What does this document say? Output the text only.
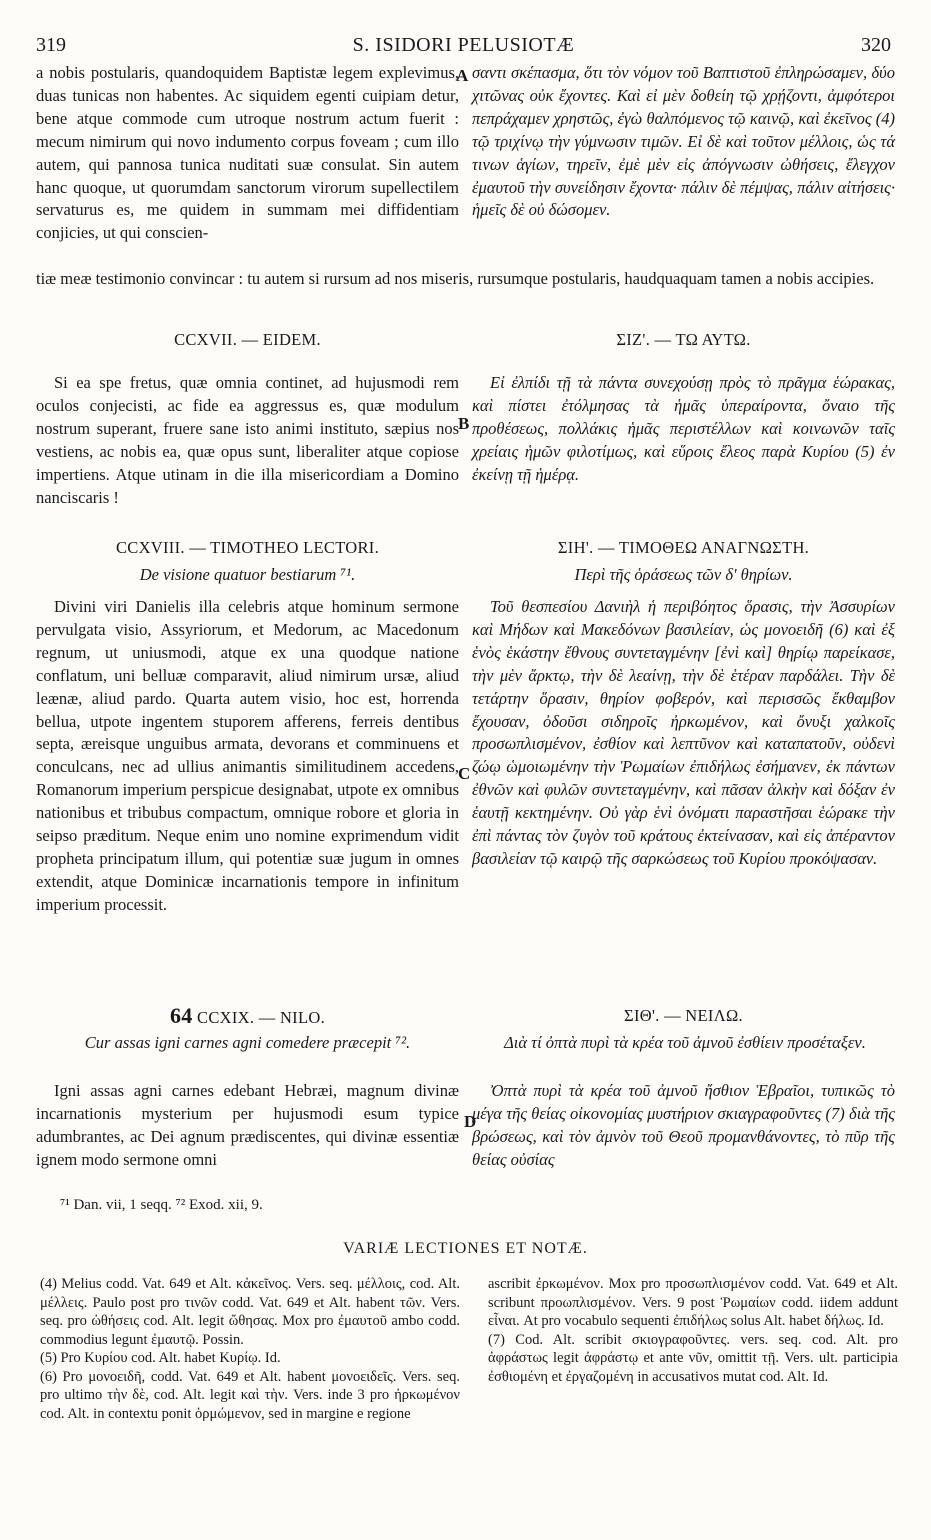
319	S. ISIDORI PELUSIOTÆ	320

a nobis postularis, quandoquidem Baptistæ legem explevimus, duas tunicas non habentes. Ac siquidem egenti cuipiam detur, bene atque commode cum utroque nostrum actum fuerit : mecum nimirum qui novo indumento corpus foveam ; cum illo autem, qui pannosa tunica nuditati suæ consulat. Sin autem hanc quoque, ut quorumdam sanctorum virorum supellectilem servaturus es, me quidem in summam mei diffidentiam conjicies, ut qui conscien-

A σαντι σκέπασμα, ὅτι τὸν νόμον τοῦ Βαπτιστοῦ ἐπληρώσαμεν, δύο χιτῶνας οὐκ ἔχοντες. Καὶ εἰ μὲν δοθείη τῷ χρῄζοντι, ἀμφότεροι πεπράχαμεν χρηστῶς, ἐγὼ θαλπόμενος τῷ καινῷ, καὶ ἐκεῖνος (4) τῷ τριχίνῳ τὴν γύμνωσιν τιμῶν. Εἰ δὲ καὶ τοῦτον μέλλοις, ὡς τά τινων ἁγίων, τηρεῖν, ἐμὲ μὲν εἰς ἀπόγνωσιν ὠθήσεις, ἔλεγχον ἐμαυτοῦ τὴν συνείδησιν ἔχοντα· πάλιν δὲ πέμψας, πάλιν αἰτήσεις· ἡμεῖς δὲ οὐ δώσομεν.

tiæ meæ testimonio convincar : tu autem si rursum ad nos miseris, rursumque postularis, haudquaquam tamen a nobis accipies.

CCXVII. — EIDEM.	ΣΙΖ'. — ΤΩ ΑΥΤΩ.

Si ea spe fretus, quæ omnia continet, ad hujusmodi rem oculos conjecisti, ac fide ea aggressus es, quæ modulum nostrum superant, fruere sane isto animi instituto, sæpius nos vestiens, ac nobis ea, quæ opus sunt, liberaliter atque copiose impertiens. Atque utinam in die illa misericordiam a Domino nanciscaris !

B

Εἰ ἐλπίδι τῇ τὰ πάντα συνεχούσῃ πρὸς τὸ πρᾶγμα ἑώρακας, καὶ πίστει ἐτόλμησας τὰ ἡμᾶς ὑπεραίροντα, ὄναιο τῆς προθέσεως, πολλάκις ἡμᾶς περιστέλλων καὶ κοινωνῶν ταῖς χρείαις ἡμῶν φιλοτίμως, καὶ εὕροις ἔλεος παρὰ Κυρίου (5) ἐν ἐκείνῃ τῇ ἡμέρᾳ.

CCXVIII. — TIMOTHEO LECTORI.	ΣΙΗ'. — ΤΙΜΟΘΕΩ ΑΝΑΓΝΩΣΤΗ.
De visione quatuor bestiarum ⁷¹.	Περὶ τῆς ὁράσεως τῶν δ' θηρίων.

Divini viri Danielis illa celebris atque hominum sermone pervulgata visio, Assyriorum, et Medorum, ac Macedonum regnum, ut uniusmodi, atque ex una quodque natione conflatum, uni belluæ comparavit, aliud nimirum ursæ, aliud leænæ, aliud pardo. Quarta autem visio, hoc est, horrenda bellua, utpote ingentem stuporem afferens, ferreis dentibus septa, æreisque unguibus armata, devorans et comminuens et conculcans, nec ad ullius animantis similitudinem accedens, Romanorum imperium perspicue designabat, utpote ex omnibus nationibus et tribubus compactum, omnique robore et gloria in seipso præditum. Neque enim uno nomine exprimendum vidit propheta principatum illum, qui potentiæ suæ jugum in omnes extendit, atque Dominicæ incarnationis tempore in infinitum imperium processit.

C

Τοῦ θεσπεσίου Δανιὴλ ἡ περιβόητος ὅρασις, τὴν Ἀσσυρίων καὶ Μήδων καὶ Μακεδόνων βασιλείαν, ὡς μονοειδῆ (6) καὶ ἐξ ἑνὸς ἑκάστην ἔθνους συντεταγμένην [ἐνὶ καὶ] θηρίῳ παρείκασε, τὴν μὲν ἄρκτῳ, τὴν δὲ λεαίνῃ, τὴν δὲ ἑτέραν παρδάλει. Τὴν δὲ τετάρτην ὅρασιν, θηρίον φοβερόν, καὶ περισσῶς ἔκθαμβον ἔχουσαν, ὀδοῦσι σιδηροῖς ἠρκωμένον, καὶ ὄνυξι χαλκοῖς προσωπλισμένον, ἐσθίον καὶ λεπτῦνον καὶ καταπατοῦν, οὐδενὶ ζώῳ ὡμοιωμένην τὴν Ῥωμαίων ἐπιδήλως ἐσήμανεν, ἐκ πάντων ἐθνῶν καὶ φυλῶν συντεταγμένην, καὶ πᾶσαν ἀλκὴν καὶ δόξαν ἐν ἑαυτῇ κεκτημένην. Οὐ γὰρ ἑνὶ ὀνόματι παραστῆσαι ἑώρακε τὴν ἐπὶ πάντας τὸν ζυγὸν τοῦ κράτους ἐκτείνασαν, καὶ εἰς ἀπέραντον βασιλείαν τῷ καιρῷ τῆς σαρκώσεως τοῦ Κυρίου προκόψασαν.

64 CCXIX. — NILO.	ΣΙΘ'. — ΝΕΙΛΩ.
Cur assas igni carnes agni comedere præcepit ⁷².	Διὰ τί ὀπτὰ πυρὶ τὰ κρέα τοῦ ἀμνοῦ ἐσθίειν προσέταξεν.

Igni assas agni carnes edebant Hebræi, magnum divinæ incarnationis mysterium per hujusmodi esum typice adumbrantes, ac Dei agnum prædiscentes, qui divinæ essentiæ ignem modo sermone omni

D

Ὀπτὰ πυρὶ τὰ κρέα τοῦ ἀμνοῦ ἤσθιον Ἑβραῖοι, τυπικῶς τὸ μέγα τῆς θείας οἰκονομίας μυστήριον σκιαγραφοῦντες (7) διὰ τῆς βρώσεως, καὶ τὸν ἀμνὸν τοῦ Θεοῦ προμανθάνοντες, τὸ πῦρ τῆς θείας οὐσίας

⁷¹ Dan. vii, 1 seqq. ⁷² Exod. xii, 9.
VARIÆ LECTIONES ET NOTÆ.

(4) Melius codd. Vat. 649 et Alt. κἀκεῖνος. Vers. seq. μέλλοις, cod. Alt. μέλλεις. Paulo post pro τινῶν codd. Vat. 649 et Alt. habent τῶν. Vers. seq. pro ὠθήσεις cod. Alt. legit ὤθησας. Mox pro ἐμαυτοῦ ambo codd. commodius legunt ἐμαυτῷ. Possin.

(5) Pro Κυρίου cod. Alt. habet Κυρίῳ. Id.

(6) Pro μονοειδῆ, codd. Vat. 649 et Alt. habent μονοειδεῖς. Vers. seq. pro ultimo τὴν δὲ, cod. Alt. legit καὶ τὴν. Vers. inde 3 pro ἠρκωμένον cod. Alt. in contextu ponit ὁρμώμενον, sed in margine e regione

ascribit ἐρκωμένον. Mox pro προσωπλισμένον codd. Vat. 649 et Alt. scribunt προωπλισμένον. Vers. 9 post Ῥωμαίων codd. iidem addunt εἶναι. At pro vocabulo sequenti ἐπιδήλως solus Alt. habet δήλως. Id.

(7) Cod. Alt. scribit σκιογραφοῦντες. vers. seq. cod. Alt. pro ἀφράστως legit ἀφράστῳ et ante νῦν, omittit τῇ. Vers. ult. participia ἐσθιομένη et ἐργαζομένη in accusativos mutat cod. Alt. Id.
